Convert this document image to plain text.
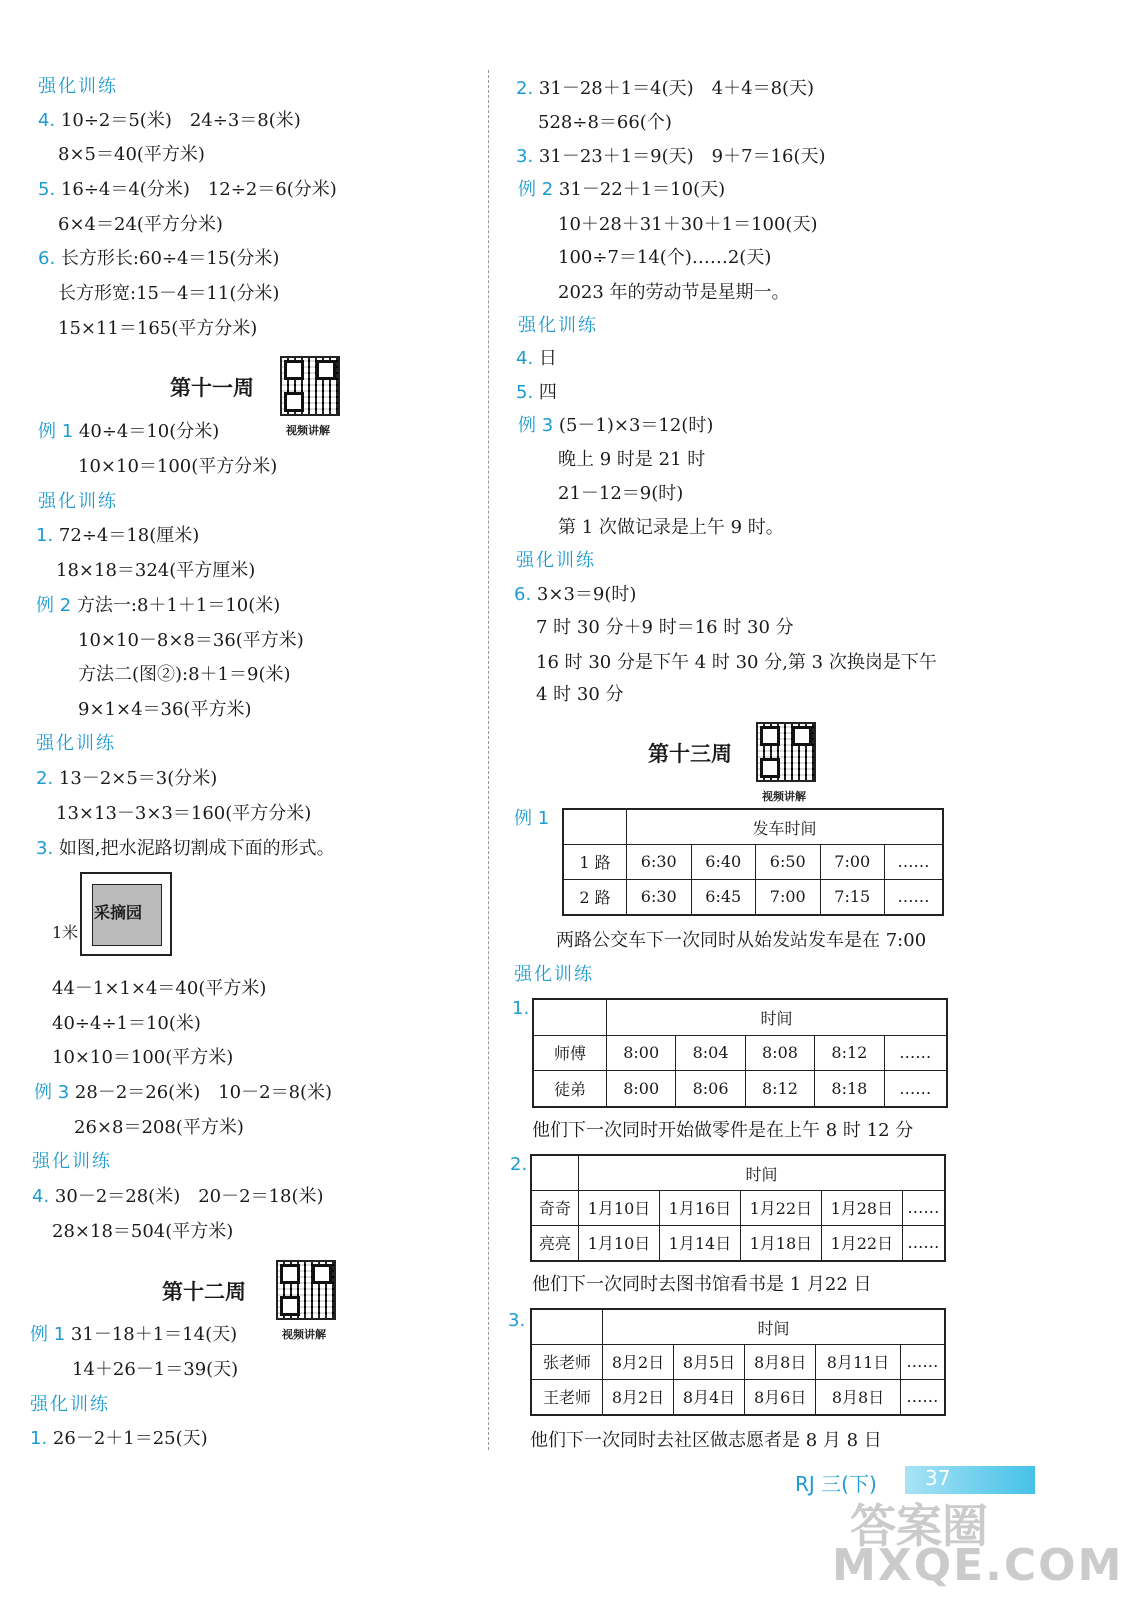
第十一周
视频讲解
采摘园
1米
第十二周
视频讲解
第十三周
视频讲解
例 1
		发车时间				
1 路	6:30	6:40	6:50	7:00	……
2 路	6:30	6:45	7:00	7:15	……
两路公交车下一次同时从始发站发车是在 7:00
强化训练
1.
		时间				
师傅	8:00	8:04	8:08	8:12	……
徒弟	8:00	8:06	8:12	8:18	……
他们下一次同时开始做零件是在上午 8 时 12 分
2.
		时间				
奇奇	1月10日	1月16日	1月22日	1月28日	……
亮亮	1月10日	1月14日	1月18日	1月22日	……
他们下一次同时去图书馆看书是 1 月22 日
3.
		时间				
张老师	8月2日	8月5日	8月8日	8月11日	……
王老师	8月2日	8月4日	8月6日	8月8日	……
他们下一次同时去社区做志愿者是 8 月 8 日
RJ 三(下) 37
答案圈
MXQE.COM
强化训练
4. 10÷2＝5(米)　24÷3＝8(米)
8×5＝40(平方米)
5. 16÷4＝4(分米)　12÷2＝6(分米)
6×4＝24(平方分米)
6. 长方形长:60÷4＝15(分米)
长方形宽:15－4＝11(分米)
15×11＝165(平方分米)
例 1 40÷4＝10(分米)
10×10＝100(平方分米)
强化训练
1. 72÷4＝18(厘米)
18×18＝324(平方厘米)
例 2 方法一:8＋1＋1＝10(米)
10×10－8×8＝36(平方米)
方法二(图②):8＋1＝9(米)
9×1×4＝36(平方米)
强化训练
2. 13－2×5＝3(分米)
13×13－3×3＝160(平方分米)
3. 如图,把水泥路切割成下面的形式。
44－1×1×4＝40(平方米)
40÷4÷1＝10(米)
10×10＝100(平方米)
例 3 28－2＝26(米)　10－2＝8(米)
26×8＝208(平方米)
强化训练
4. 30－2＝28(米)　20－2＝18(米)
28×18＝504(平方米)
例 1 31－18＋1＝14(天)
14＋26－1＝39(天)
强化训练
1. 26－2＋1＝25(天)
2. 31－28＋1＝4(天)　4＋4＝8(天)
528÷8＝66(个)
3. 31－23＋1＝9(天)　9＋7＝16(天)
例 2 31－22＋1＝10(天)
10＋28＋31＋30＋1＝100(天)
100÷7＝14(个)……2(天)
2023 年的劳动节是星期一。
强化训练
4. 日
5. 四
例 3 (5－1)×3＝12(时)
晚上 9 时是 21 时
21－12＝9(时)
第 1 次做记录是上午 9 时。
强化训练
6. 3×3＝9(时)
7 时 30 分＋9 时＝16 时 30 分
16 时 30 分是下午 4 时 30 分,第 3 次换岗是下午
4 时 30 分
